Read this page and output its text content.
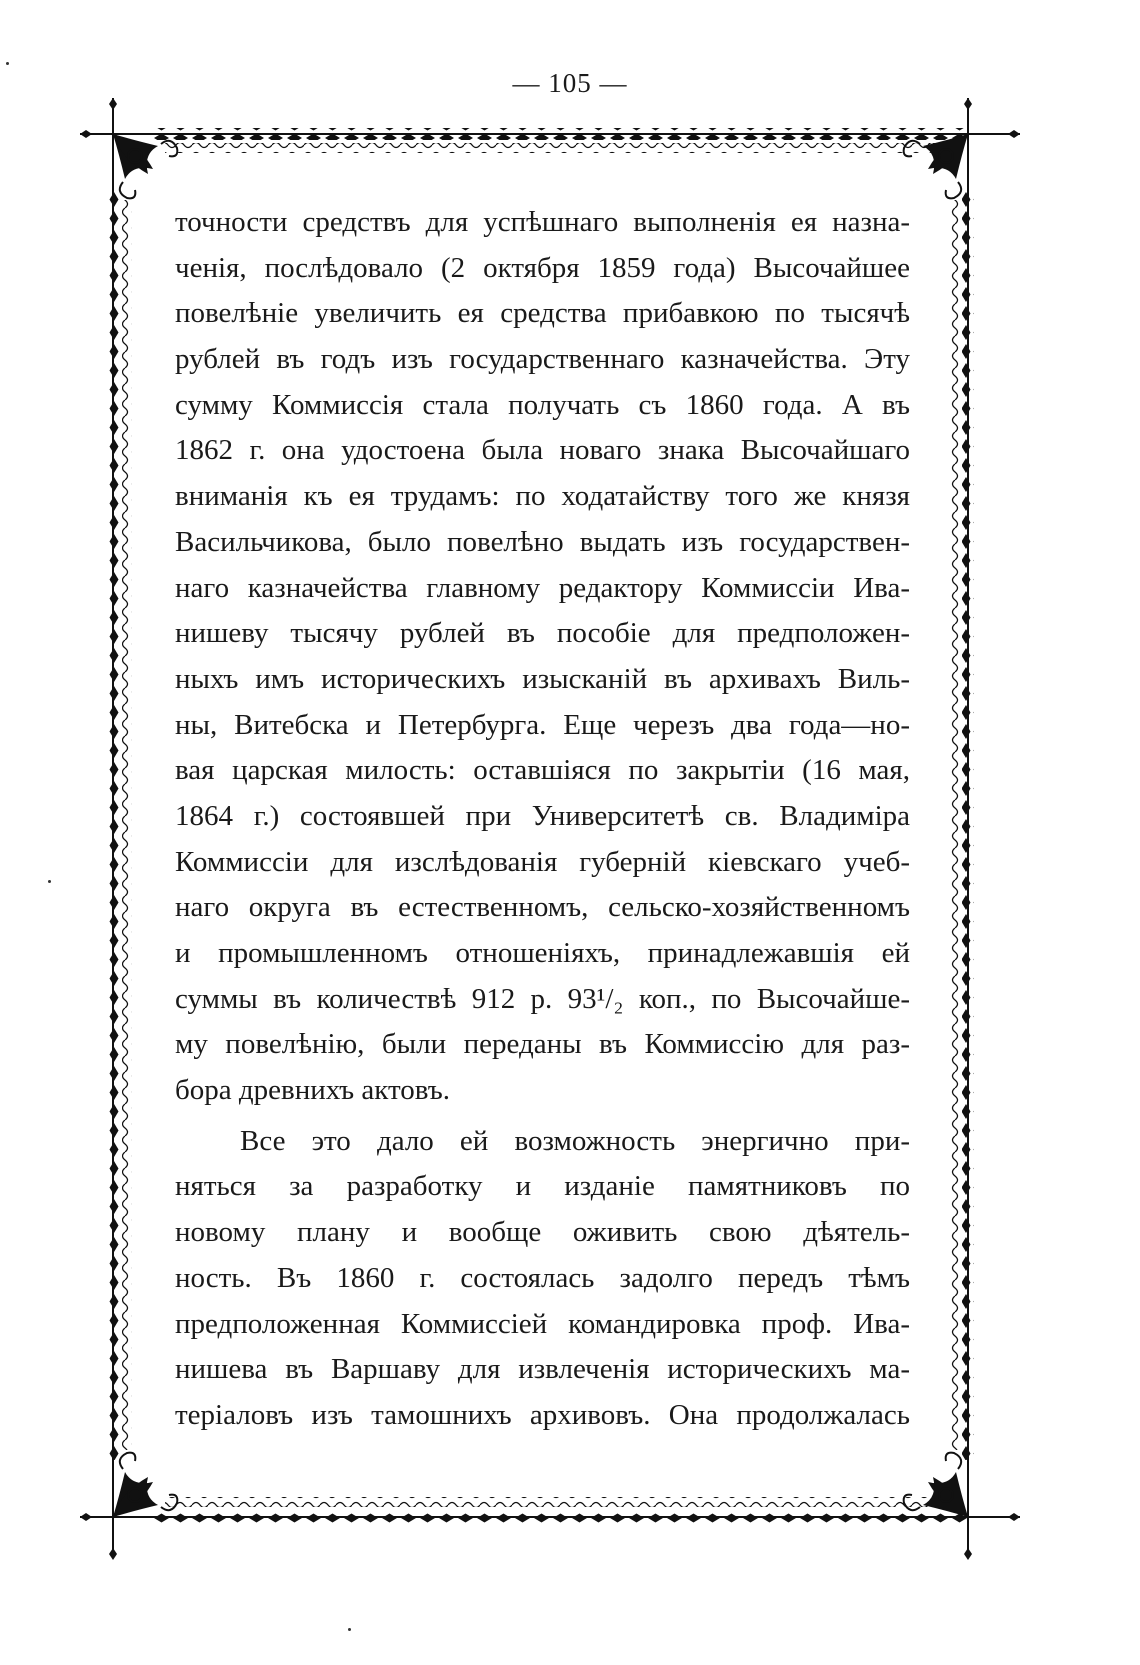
— 105 —
точности средствъ для успѣшнаго выполненія ея назна-
ченія, послѣдовало (2 октября 1859 года) Высочайшее
повелѣніе увеличить ея средства прибавкою по тысячѣ
рублей въ годъ изъ государственнаго казначейства. Эту
сумму Коммиссія стала получать съ 1860 года. А въ
1862 г. она удостоена была новаго знака Высочайшаго
вниманія къ ея трудамъ: по ходатайству того же князя
Васильчикова, было повелѣно выдать изъ государствен-
наго казначейства главному редактору Коммиссіи Ива-
нишеву тысячу рублей въ пособіе для предположен-
ныхъ имъ историческихъ изысканій въ архивахъ Виль-
ны, Витебска и Петербурга. Еще черезъ два года—но-
вая царская милость: оставшіяся по закрытіи (16 мая,
1864 г.) состоявшей при Университетѣ св. Владиміра
Коммиссіи для изслѣдованія губерній кіевскаго учеб-
наго округа въ естественномъ, сельско-хозяйственномъ
и промышленномъ отношеніяхъ, принадлежавшія ей
суммы въ количествѣ 912 р. 93¹/₂ коп., по Высочайше-
му повелѣнію, были переданы въ Коммиссію для раз-
бора древнихъ актовъ.
Все это дало ей возможность энергично при-
няться за разработку и изданіе памятниковъ по
новому плану и вообще оживить свою дѣятель-
ность. Въ 1860 г. состоялась задолго передъ тѣмъ
предположенная Коммиссіей командировка проф. Ива-
нишева въ Варшаву для извлеченія историческихъ ма-
теріаловъ изъ тамошнихъ архивовъ. Она продолжалась
